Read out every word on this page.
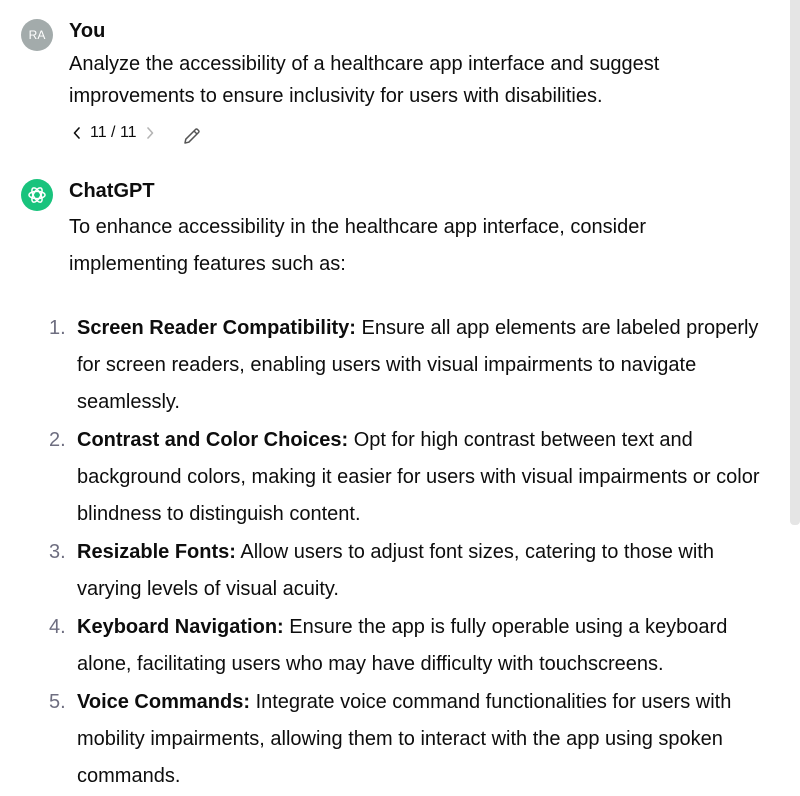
RA You
Analyze the accessibility of a healthcare app interface and suggest improvements to ensure inclusivity for users with disabilities.
11 / 11
ChatGPT
To enhance accessibility in the healthcare app interface, consider implementing features such as:
1. Screen Reader Compatibility: Ensure all app elements are labeled properly for screen readers, enabling users with visual impairments to navigate seamlessly.
2. Contrast and Color Choices: Opt for high contrast between text and background colors, making it easier for users with visual impairments or color blindness to distinguish content.
3. Resizable Fonts: Allow users to adjust font sizes, catering to those with varying levels of visual acuity.
4. Keyboard Navigation: Ensure the app is fully operable using a keyboard alone, facilitating users who may have difficulty with touchscreens.
5. Voice Commands: Integrate voice command functionalities for users with mobility impairments, allowing them to interact with the app using spoken commands.
